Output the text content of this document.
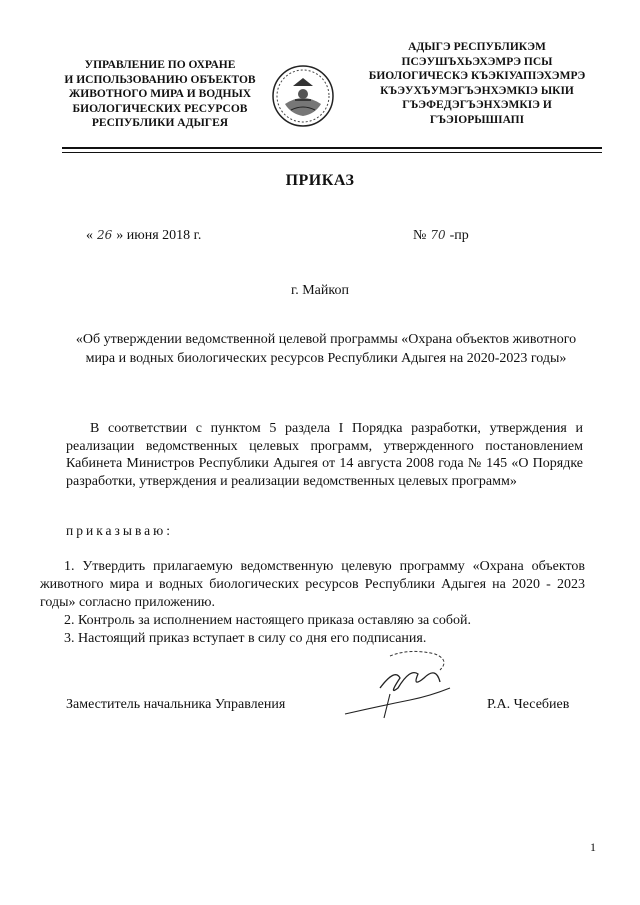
УПРАВЛЕНИЕ ПО ОХРАНЕ
И ИСПОЛЬЗОВАНИЮ ОБЪЕКТОВ
ЖИВОТНОГО МИРА И ВОДНЫХ
БИОЛОГИЧЕСКИХ РЕСУРСОВ
РЕСПУБЛИКИ АДЫГЕЯ
АДЫГЭ РЕСПУБЛИКЭМ
ПСЭУШЪХЬЭХЭМРЭ ПСЫ
БИОЛОГИЧЕСКЭ КЪЭКIУАПIЭХЭМРЭ
КЪЭУХЪУМЭГЪЭНХЭМКIЭ ЫКIИ
ГЪЭФЕДЭГЪЭНХЭМКIЭ И
ГЪЭIОРЫШIАПI
ПРИКАЗ
« 26 » июня 2018 г.	№ 70 -пр
г. Майкоп
«Об утверждении ведомственной целевой программы «Охрана объектов животного мира и водных биологических ресурсов Республики Адыгея на 2020-2023 годы»
В соответствии с пунктом 5 раздела I Порядка разработки, утверждения и реализации ведомственных целевых программ, утвержденного постановлением Кабинета Министров Республики Адыгея от 14 августа 2008 года № 145 «О Порядке разработки, утверждения и реализации ведомственных целевых программ»
приказываю:

1. Утвердить прилагаемую ведомственную целевую программу «Охрана объектов животного мира и водных биологических ресурсов Республики Адыгея на 2020 - 2023 годы» согласно приложению.

2. Контроль за исполнением настоящего приказа оставляю за собой.

3. Настоящий приказ вступает в силу со дня его подписания.

Заместитель начальника Управления	Р.А. Чесебиев
1
